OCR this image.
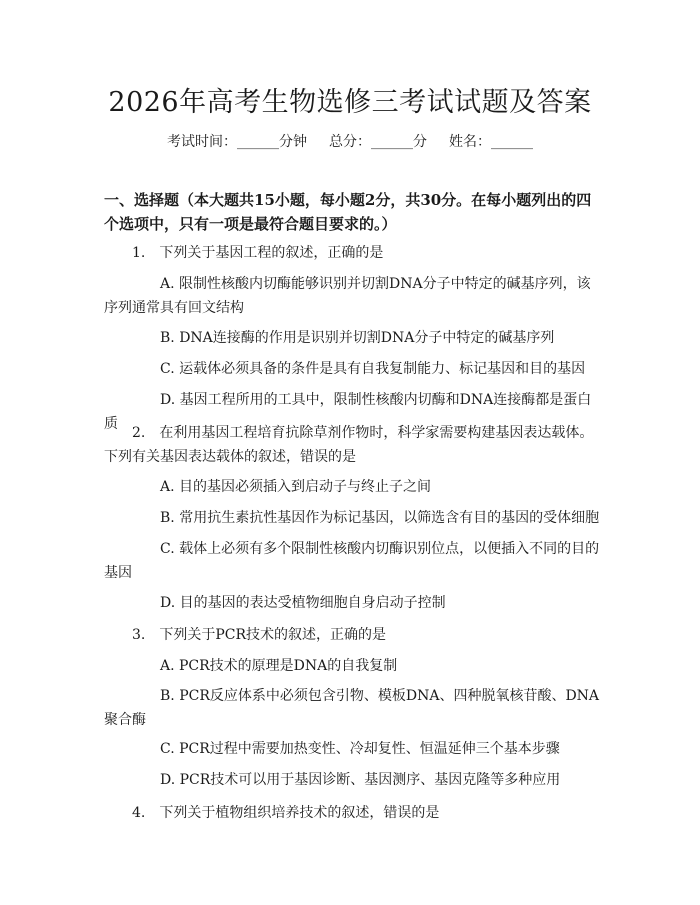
2026年高考生物选修三考试试题及答案
考试时间：______分钟 总分：______分 姓名：______
一、选择题（本大题共15小题，每小题2分，共30分。在每小题列出的四个选项中，只有一项是最符合题目要求的。）
1.　下列关于基因工程的叙述，正确的是
A. 限制性核酸内切酶能够识别并切割DNA分子中特定的碱基序列，该序列通常具有回文结构
B. DNA连接酶的作用是识别并切割DNA分子中特定的碱基序列
C. 运载体必须具备的条件是具有自我复制能力、标记基因和目的基因
D. 基因工程所用的工具中，限制性核酸内切酶和DNA连接酶都是蛋白质
2.　在利用基因工程培育抗除草剂作物时，科学家需要构建基因表达载体。下列有关基因表达载体的叙述，错误的是
A. 目的基因必须插入到启动子与终止子之间
B. 常用抗生素抗性基因作为标记基因，以筛选含有目的基因的受体细胞
C. 载体上必须有多个限制性核酸内切酶识别位点，以便插入不同的目的基因
D. 目的基因的表达受植物细胞自身启动子控制
3.　下列关于PCR技术的叙述，正确的是
A. PCR技术的原理是DNA的自我复制
B. PCR反应体系中必须包含引物、模板DNA、四种脱氧核苷酸、DNA聚合酶
C. PCR过程中需要加热变性、冷却复性、恒温延伸三个基本步骤
D. PCR技术可以用于基因诊断、基因测序、基因克隆等多种应用
4.　下列关于植物组织培养技术的叙述，错误的是
